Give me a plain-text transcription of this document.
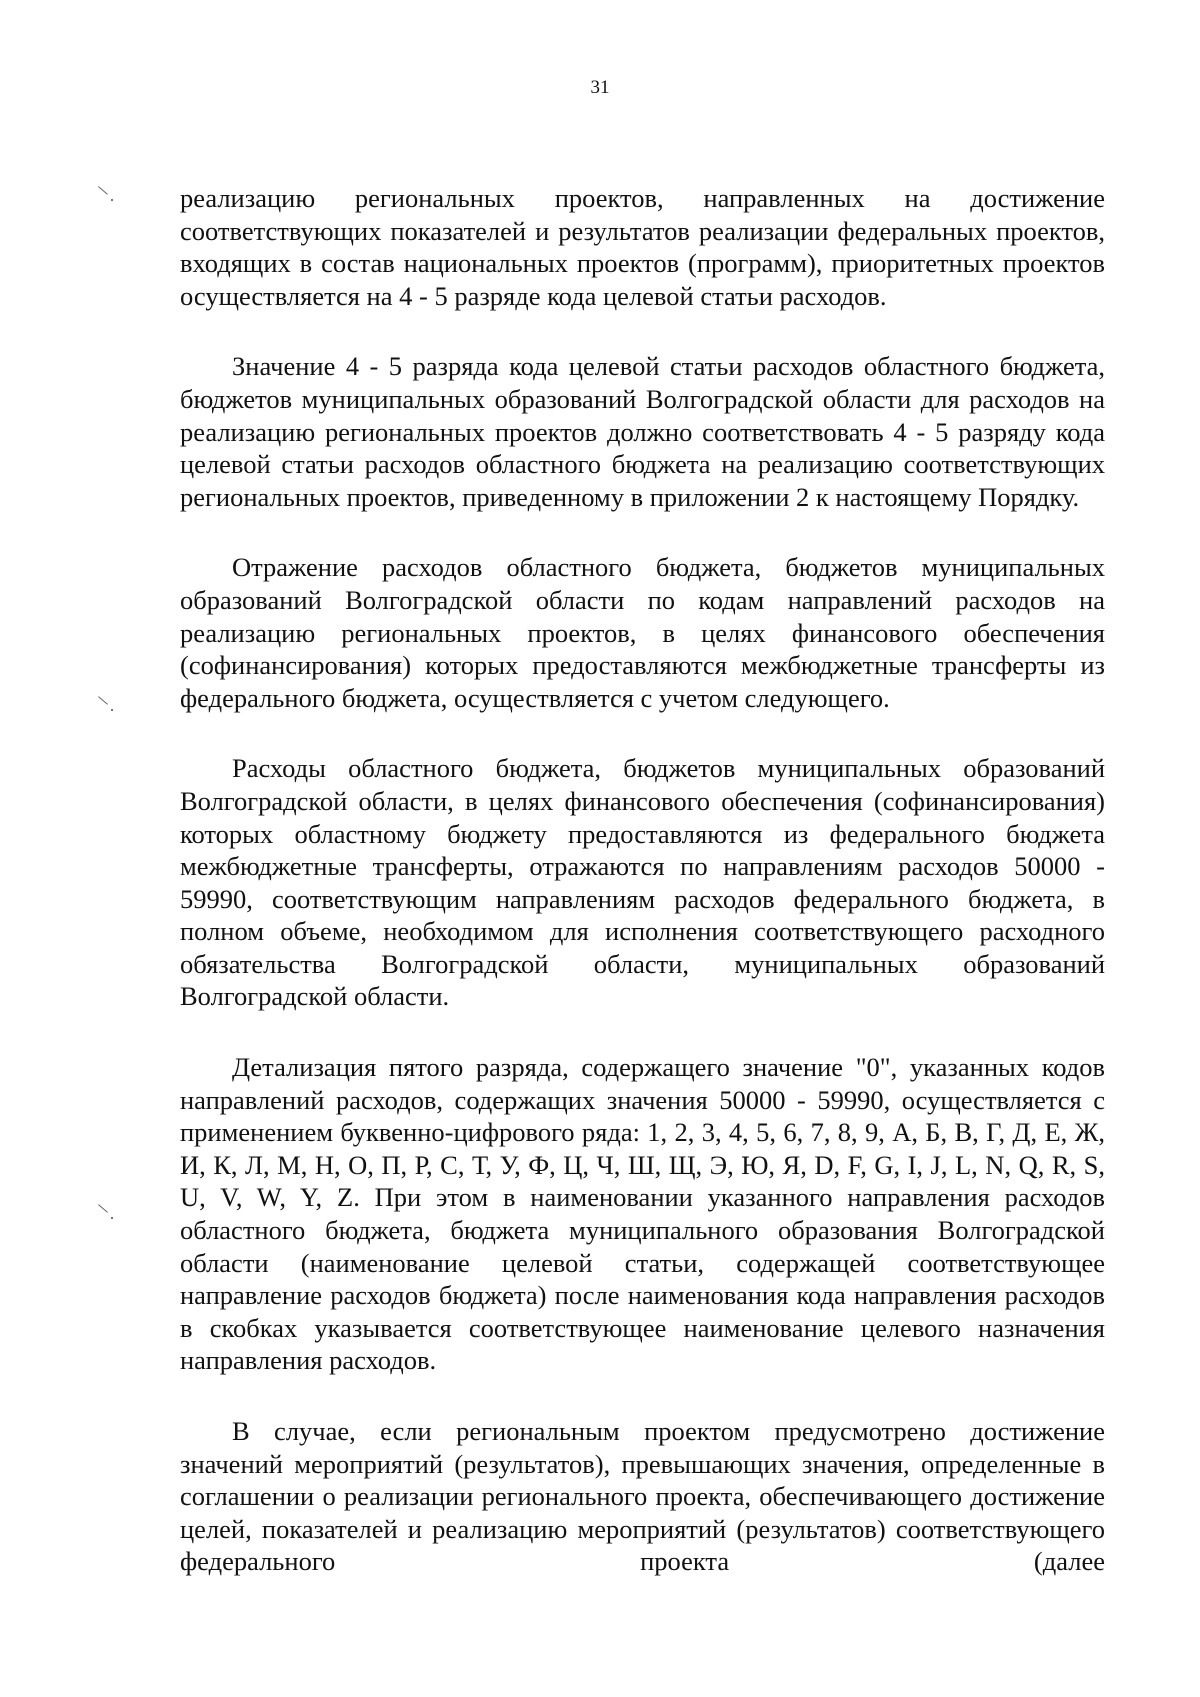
31

реализацию региональных проектов, направленных на достижение соответствующих показателей и результатов реализации федеральных проектов, входящих в состав национальных проектов (программ), приоритетных проектов осуществляется на 4 - 5 разряде кода целевой статьи расходов.

Значение 4 - 5 разряда кода целевой статьи расходов областного бюджета, бюджетов муниципальных образований Волгоградской области для расходов на реализацию региональных проектов должно соответствовать 4 - 5 разряду кода целевой статьи расходов областного бюджета на реализацию соответствующих региональных проектов, приведенному в приложении 2 к настоящему Порядку.

Отражение расходов областного бюджета, бюджетов муниципальных образований Волгоградской области по кодам направлений расходов на реализацию региональных проектов, в целях финансового обеспечения (софинансирования) которых предоставляются межбюджетные трансферты из федерального бюджета, осуществляется с учетом следующего.

Расходы областного бюджета, бюджетов муниципальных образований Волгоградской области, в целях финансового обеспечения (софинансирования) которых областному бюджету предоставляются из федерального бюджета межбюджетные трансферты, отражаются по направлениям расходов 50000 - 59990, соответствующим направлениям расходов федерального бюджета, в полном объеме, необходимом для исполнения соответствующего расходного обязательства Волгоградской области, муниципальных образований Волгоградской области.

Детализация пятого разряда, содержащего значение "0", указанных кодов направлений расходов, содержащих значения 50000 - 59990, осуществляется с применением буквенно-цифрового ряда: 1, 2, 3, 4, 5, 6, 7, 8, 9, А, Б, В, Г, Д, Е, Ж, И, К, Л, М, Н, О, П, Р, С, Т, У, Ф, Ц, Ч, Ш, Щ, Э, Ю, Я, D, F, G, I, J, L, N, Q, R, S, U, V, W, Y, Z. При этом в наименовании указанного направления расходов областного бюджета, бюджета муниципального образования Волгоградской области (наименование целевой статьи, содержащей соответствующее направление расходов бюджета) после наименования кода направления расходов в скобках указывается соответствующее наименование целевого назначения направления расходов.

В случае, если региональным проектом предусмотрено достижение значений мероприятий (результатов), превышающих значения, определенные в соглашении о реализации регионального проекта, обеспечивающего достижение целей, показателей и реализацию мероприятий (результатов) соответствующего федерального проекта (далее
